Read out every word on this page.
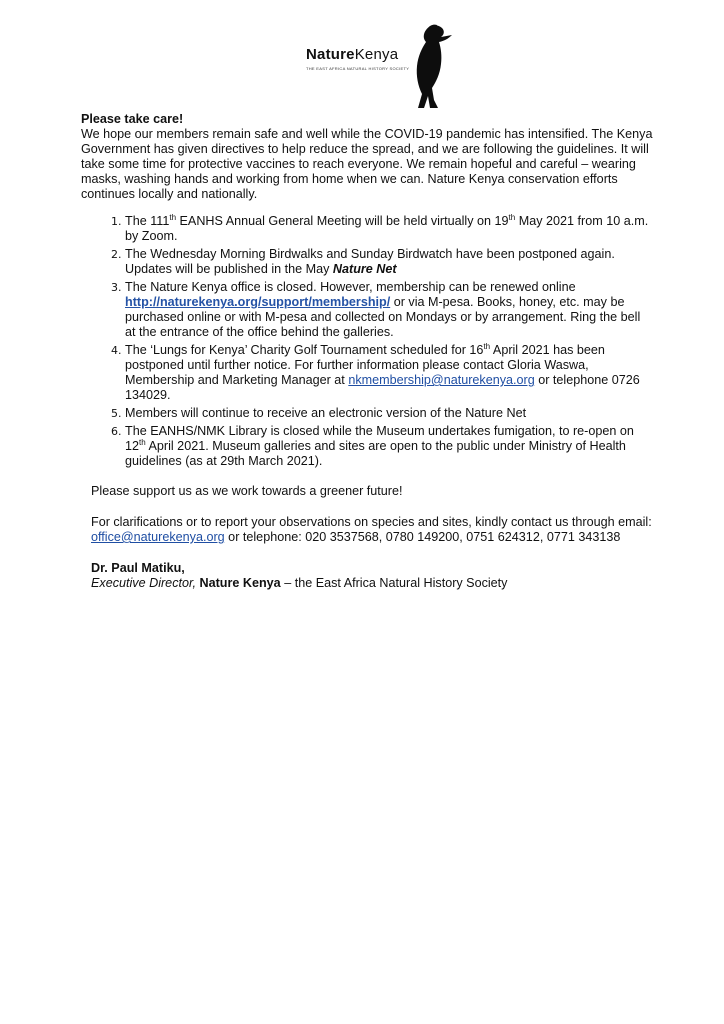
NatureKenya
THE EAST AFRICA NATURAL HISTORY SOCIETY
Please take care!

We hope our members remain safe and well while the COVID-19 pandemic has intensified. The Kenya Government has given directives to help reduce the spread, and we are following the guidelines. It will take some time for protective vaccines to reach everyone. We remain hopeful and careful – wearing masks, washing hands and working from home when we can. Nature Kenya conservation efforts continues locally and nationally.

1. The 111th EANHS Annual General Meeting will be held virtually on 19th May 2021 from 10 a.m. by Zoom.
2. The Wednesday Morning Birdwalks and Sunday Birdwatch have been postponed again. Updates will be published in the May Nature Net
3. The Nature Kenya office is closed. However, membership can be renewed online http://naturekenya.org/support/membership/ or via M-pesa. Books, honey, etc. may be purchased online or with M-pesa and collected on Mondays or by arrangement. Ring the bell at the entrance of the office behind the galleries.
4. The ‘Lungs for Kenya’ Charity Golf Tournament scheduled for 16th April 2021 has been postponed until further notice. For further information please contact Gloria Waswa, Membership and Marketing Manager at nkmembership@naturekenya.org or telephone 0726 134029.
5. Members will continue to receive an electronic version of the Nature Net
6. The EANHS/NMK Library is closed while the Museum undertakes fumigation, to re-open on 12th April 2021. Museum galleries and sites are open to the public under Ministry of Health guidelines (as at 29th March 2021).
Please support us as we work towards a greener future!
For clarifications or to report your observations on species and sites, kindly contact us through email: office@naturekenya.org or telephone: 020 3537568, 0780 149200, 0751 624312, 0771 343138
Dr. Paul Matiku,
Executive Director, Nature Kenya – the East Africa Natural History Society
